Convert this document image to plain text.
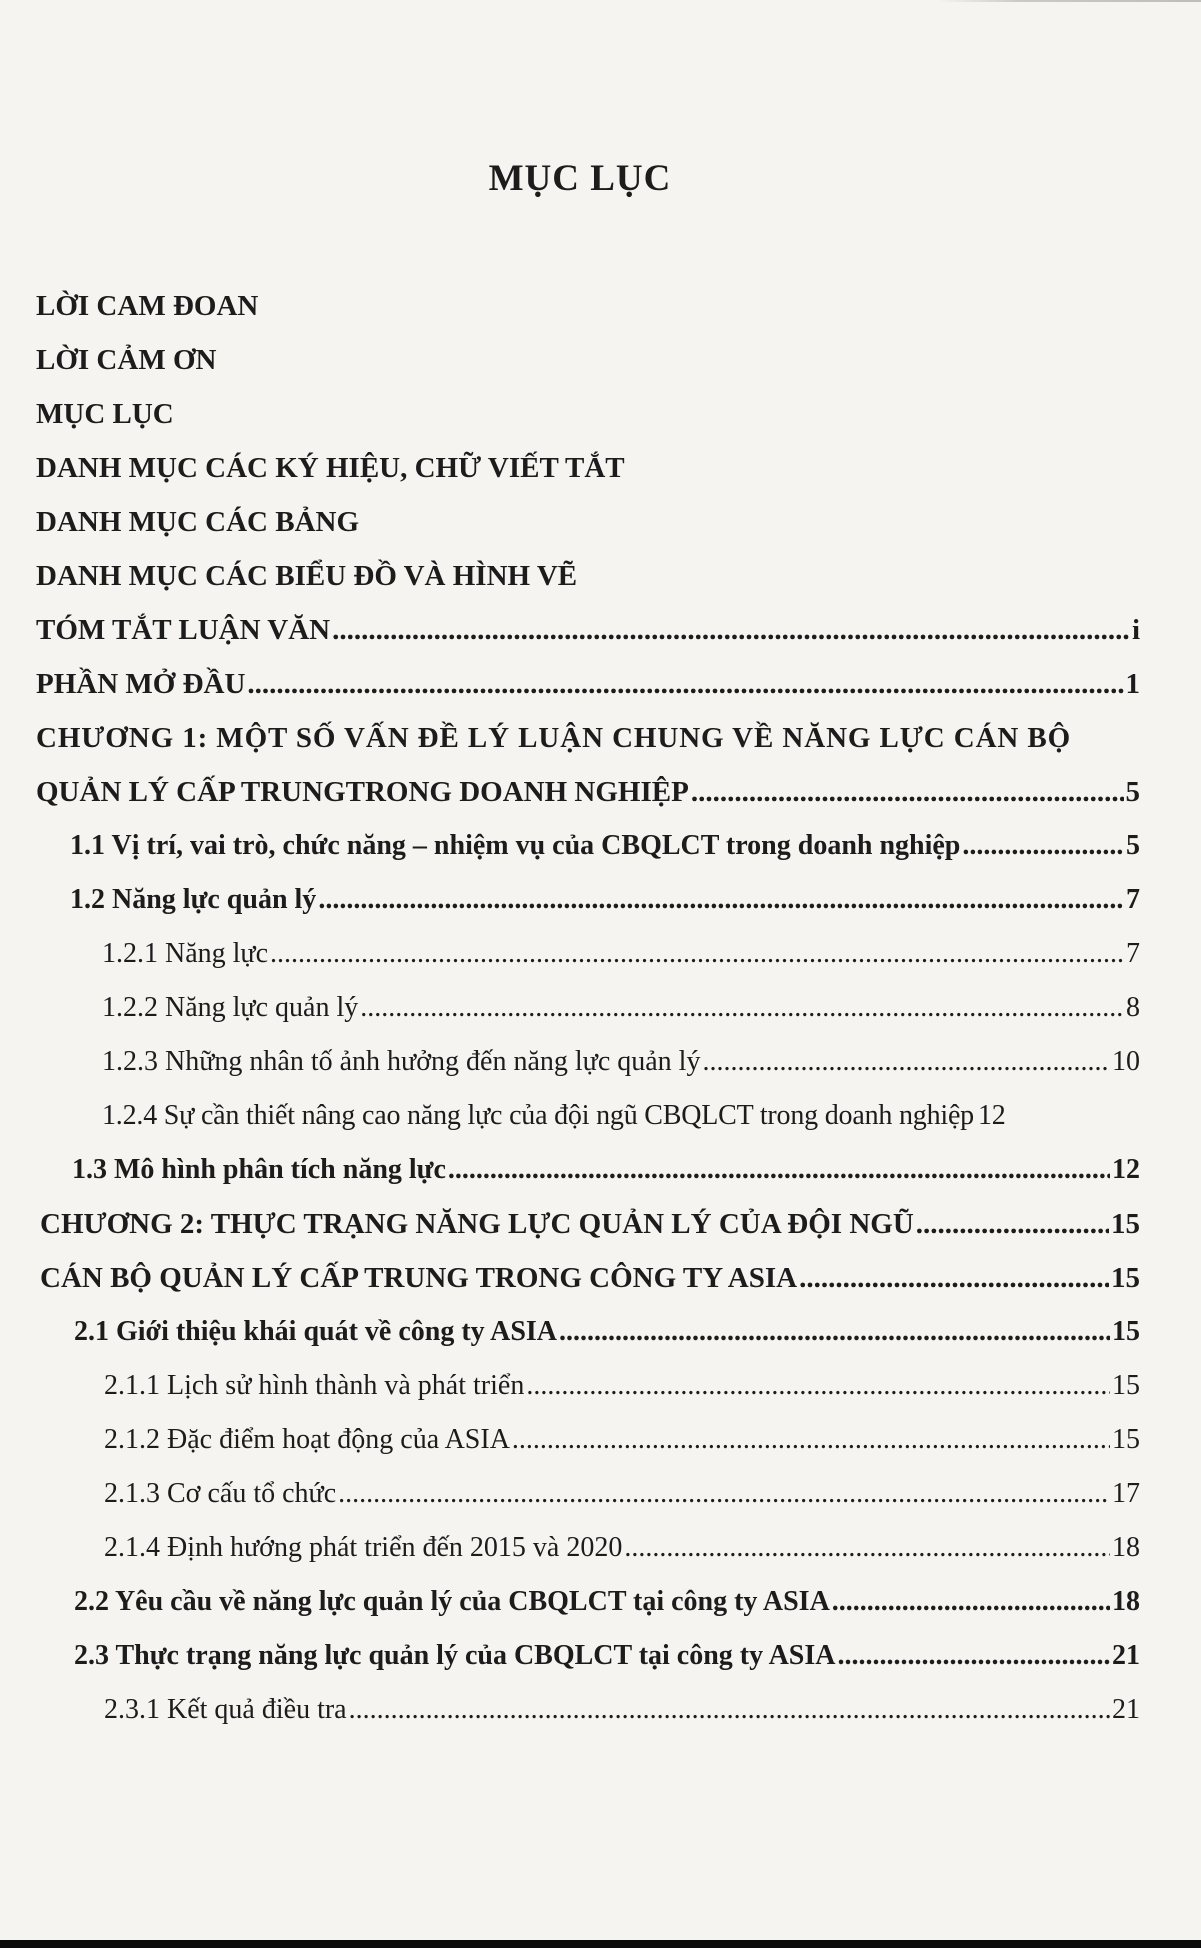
MỤC LỤC
LỜI CAM ĐOAN
LỜI CẢM ƠN
MỤC LỤC
DANH MỤC CÁC KÝ HIỆU, CHỮ VIẾT TẮT
DANH MỤC CÁC BẢNG
DANH MỤC CÁC BIỂU ĐỒ VÀ HÌNH VẼ
TÓM TẮT LUẬN VĂN .....	i
PHẦN MỞ ĐẦU .....	1
CHƯƠNG 1: MỘT SỐ VẤN ĐỀ LÝ LUẬN CHUNG VỀ NĂNG LỰC CÁN BỘ
QUẢN LÝ CẤP TRUNGTRONG DOANH NGHIỆP .....	5
1.1 Vị trí, vai trò, chức năng – nhiệm vụ của CBQLCT trong doanh nghiệp .....	5
1.2 Năng lực quản lý .....	7
1.2.1 Năng lực .....	7
1.2.2 Năng lực quản lý .....	8
1.2.3 Những nhân tố ảnh hưởng đến năng lực quản lý .....	10
1.2.4 Sự cần thiết nâng cao năng lực của đội ngũ CBQLCT trong doanh nghiệp 12
1.3 Mô hình phân tích năng lực .....	12
CHƯƠNG 2: THỰC TRẠNG NĂNG LỰC QUẢN LÝ CỦA ĐỘI NGŨ .....	15
CÁN BỘ QUẢN LÝ CẤP TRUNG TRONG CÔNG TY ASIA .....	15
2.1 Giới thiệu khái quát về công ty ASIA .....	15
2.1.1 Lịch sử hình thành và phát triển .....	15
2.1.2 Đặc điểm hoạt động của ASIA .....	15
2.1.3 Cơ cấu tổ chức .....	17
2.1.4 Định hướng phát triển đến 2015 và 2020 .....	18
2.2 Yêu cầu về năng lực quản lý của CBQLCT tại công ty ASIA .....	18
2.3 Thực trạng năng lực quản lý của CBQLCT tại công ty ASIA .....	21
2.3.1 Kết quả điều tra .....	21
